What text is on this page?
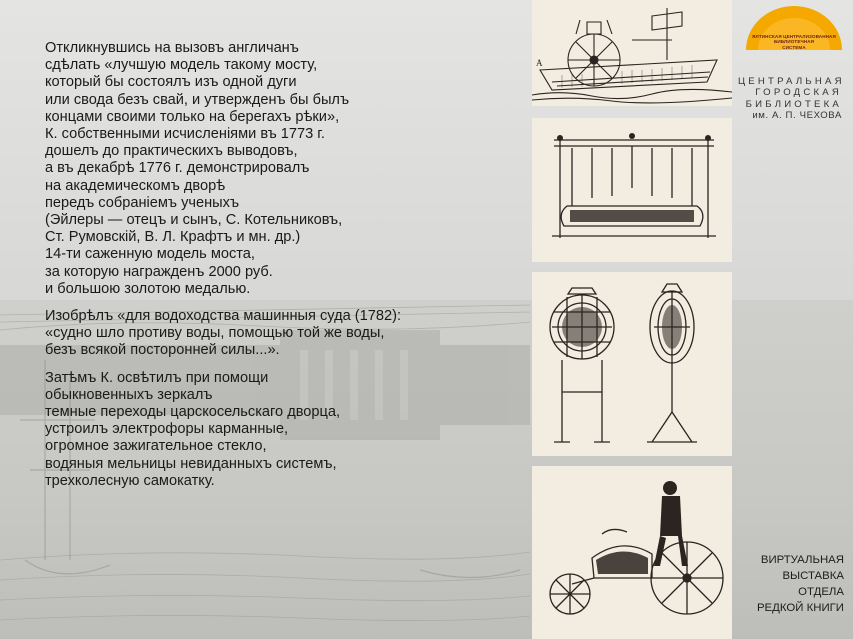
Откликнувшись на вызовъ англичанъ
сдѣлать «лучшую модель такому мосту,
который бы состоялъ изъ одной дуги
или свода безъ свай, и утвержденъ бы былъ
концами своими только на берегахъ рѣки»,
К. собственными исчисленіями въ 1773 г.
дошелъ до практическихъ выводовъ,
а въ декабрѣ 1776 г. демонстрировалъ
на академическомъ дворѣ
передъ собраніемъ ученыхъ
(Эйлеры — отецъ и сынъ, С. Котельниковъ,
Ст. Румовскій, В. Л. Крафтъ и мн. др.)
14-ти саженную модель моста,
за которую награжденъ 2000 руб.
и большою золотою медалью.

Изобрѣлъ «для водоходства машинныя суда (1782):
«судно шло противу воды, помощью той же воды,
безъ всякой посторонней силы...».

Затѣмъ К. освѣтилъ при помощи
обыкновенныхъ зеркалъ
темные переходы царскосельскаго дворца,
устроилъ электрофоры карманные,
огромное зажигательное стекло,
водяныя мельницы невиданныхъ системъ,
трехколесную самокатку.

A
ЯЛТИНСКАЯ ЦЕНТРАЛИЗОВАННАЯ
БИБЛИОТЕЧНАЯ
СИСТЕМА
ЦЕНТРАЛЬНАЯ
ГОРОДСКАЯ
БИБЛИОТЕКА
им. А. П. ЧЕХОВА
ВИРТУАЛЬНАЯ
ВЫСТАВКА
ОТДЕЛА
РЕДКОЙ КНИГИ
